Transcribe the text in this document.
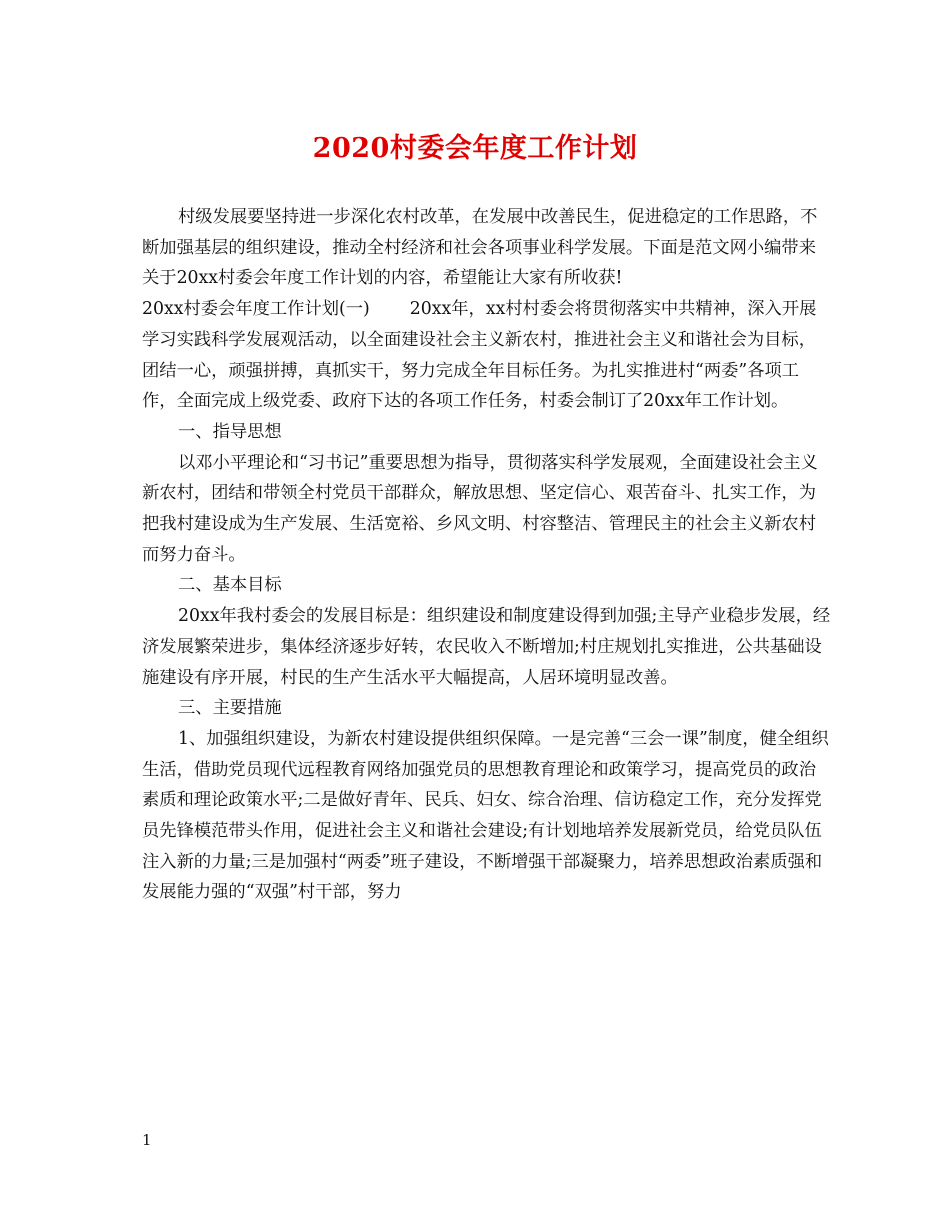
2020村委会年度工作计划

村级发展要坚持进一步深化农村改革，在发展中改善民生，促进稳定的工作思路，不断加强基层的组织建设，推动全村经济和社会各项事业科学发展。下面是范文网小编带来关于20xx村委会年度工作计划的内容，希望能让大家有所收获!

20xx村委会年度工作计划(一) 20xx年，xx村村委会将贯彻落实中共精神，深入开展学习实践科学发展观活动，以全面建设社会主义新农村，推进社会主义和谐社会为目标，团结一心，顽强拼搏，真抓实干，努力完成全年目标任务。为扎实推进村“两委”各项工作，全面完成上级党委、政府下达的各项工作任务，村委会制订了20xx年工作计划。

一、指导思想

以邓小平理论和“习书记”重要思想为指导，贯彻落实科学发展观，全面建设社会主义新农村，团结和带领全村党员干部群众，解放思想、坚定信心、艰苦奋斗、扎实工作，为把我村建设成为生产发展、生活宽裕、乡风文明、村容整洁、管理民主的社会主义新农村而努力奋斗。

二、基本目标

20xx年我村委会的发展目标是：组织建设和制度建设得到加强;主导产业稳步发展，经济发展繁荣进步，集体经济逐步好转，农民收入不断增加;村庄规划扎实推进，公共基础设施建设有序开展，村民的生产生活水平大幅提高，人居环境明显改善。

三、主要措施

1、加强组织建设，为新农村建设提供组织保障。一是完善“三会一课”制度，健全组织生活，借助党员现代远程教育网络加强党员的思想教育理论和政策学习，提高党员的政治素质和理论政策水平;二是做好青年、民兵、妇女、综合治理、信访稳定工作，充分发挥党员先锋模范带头作用，促进社会主义和谐社会建设;有计划地培养发展新党员，给党员队伍注入新的力量;三是加强村“两委”班子建设，不断增强干部凝聚力，培养思想政治素质强和发展能力强的“双强”村干部，努力

1
